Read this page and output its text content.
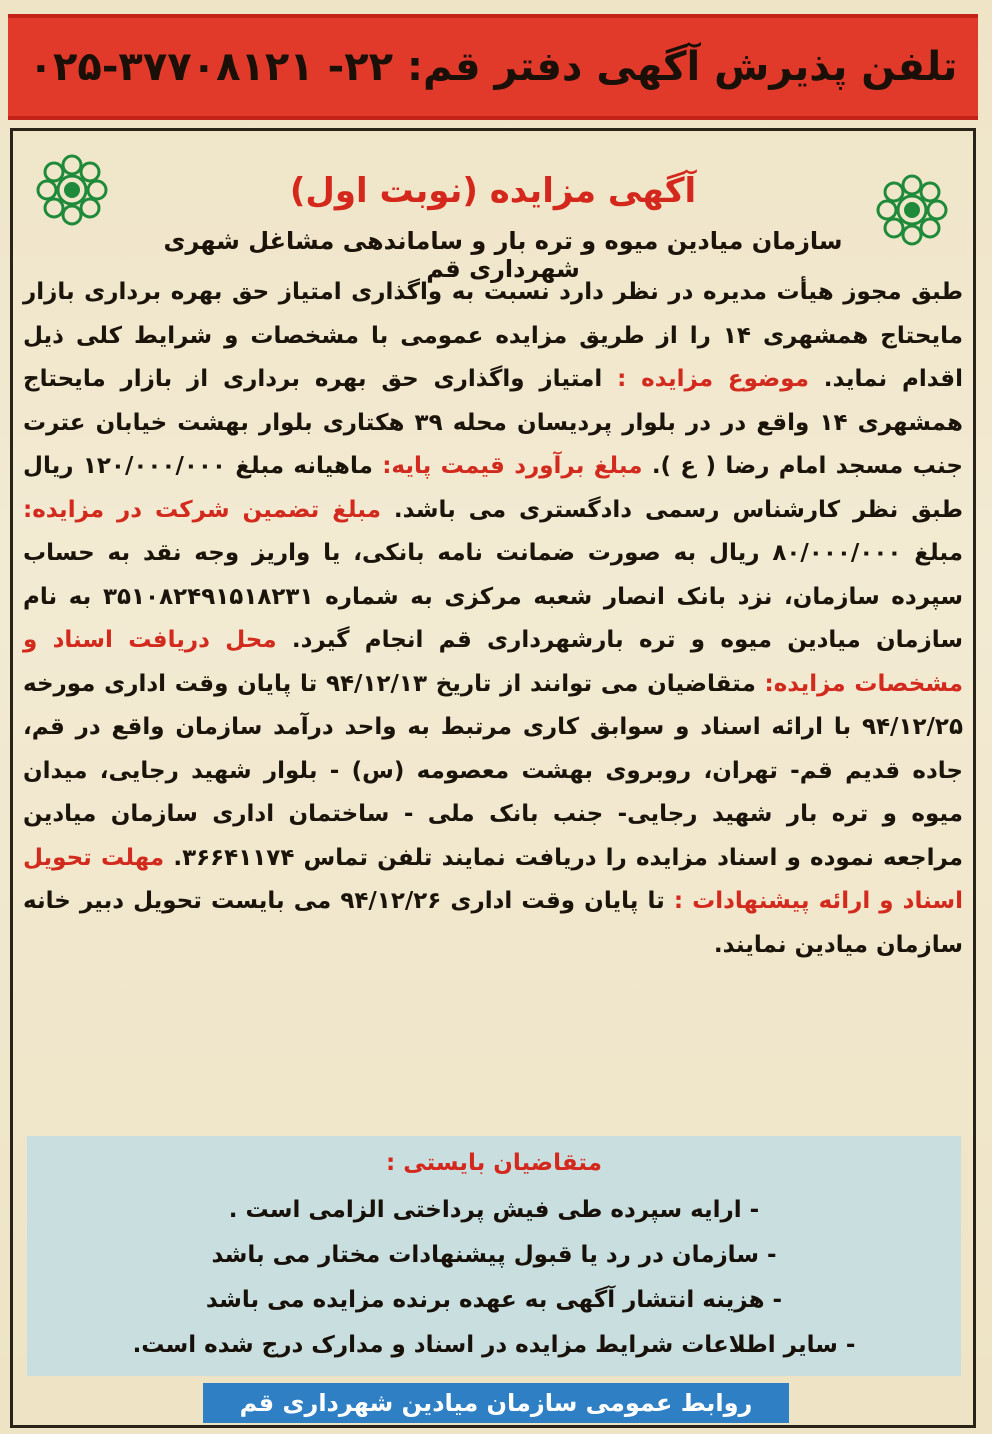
تلفن پذیرش آگهی دفتر قم: ۲۲- ۳۷۷۰۸۱۲۱-۰۲۵
آگهی مزایده (نوبت اول)
سازمان میادین میوه و تره بار و ساماندهی مشاغل شهری شهرداری قم
طبق مجوز هیأت مدیره در نظر دارد نسبت به واگذاری امتیاز حق بهره برداری بازار مایحتاج همشهری ۱۴ را از طریق مزایده عمومی با مشخصات و شرایط کلی ذیل اقدام نماید. موضوع مزایده : امتیاز واگذاری حق بهره برداری از بازار مایحتاج همشهری ۱۴ واقع در در بلوار پردیسان محله ۳۹ هکتاری بلوار بهشت خیابان عترت جنب مسجد امام رضا ( ع ). مبلغ برآورد قیمت پایه: ماهیانه مبلغ ۱۲۰/۰۰۰/۰۰۰ ریال طبق نظر کارشناس رسمی دادگستری می باشد. مبلغ تضمین شرکت در مزایده: مبلغ ۸۰/۰۰۰/۰۰۰ ریال به صورت ضمانت نامه بانکی، یا واریز وجه نقد به حساب سپرده سازمان، نزد بانک انصار شعبه مرکزی به شماره ۳۵۱۰۸۲۴۹۱۵۱۸۲۳۱ به نام سازمان میادین میوه و تره بارشهرداری قم انجام گیرد. محل دریافت اسناد و مشخصات مزایده: متقاضیان می توانند از تاریخ ۹۴/۱۲/۱۳ تا پایان وقت اداری مورخه ۹۴/۱۲/۲۵ با ارائه اسناد و سوابق کاری مرتبط به واحد درآمد سازمان واقع در قم، جاده قدیم قم- تهران، روبروی بهشت معصومه (س) - بلوار شهید رجایی، میدان میوه و تره بار شهید رجایی- جنب بانک ملی - ساختمان اداری سازمان میادین مراجعه نموده و اسناد مزایده را دریافت نمایند تلفن تماس ۳۶۶۴۱۱۷۴. مهلت تحویل اسناد و ارائه پیشنهادات : تا پایان وقت اداری ۹۴/۱۲/۲۶ می بایست تحویل دبیر خانه سازمان میادین نمایند.
متقاضیان بایستی :
- ارایه سپرده طی فیش پرداختی الزامی است .
- سازمان در رد یا قبول پیشنهادات مختار می باشد
- هزینه انتشار آگهی به عهده برنده مزایده می باشد
- سایر اطلاعات شرایط مزایده در اسناد و مدارک درج شده است.
روابط عمومی سازمان میادین شهرداری قم
